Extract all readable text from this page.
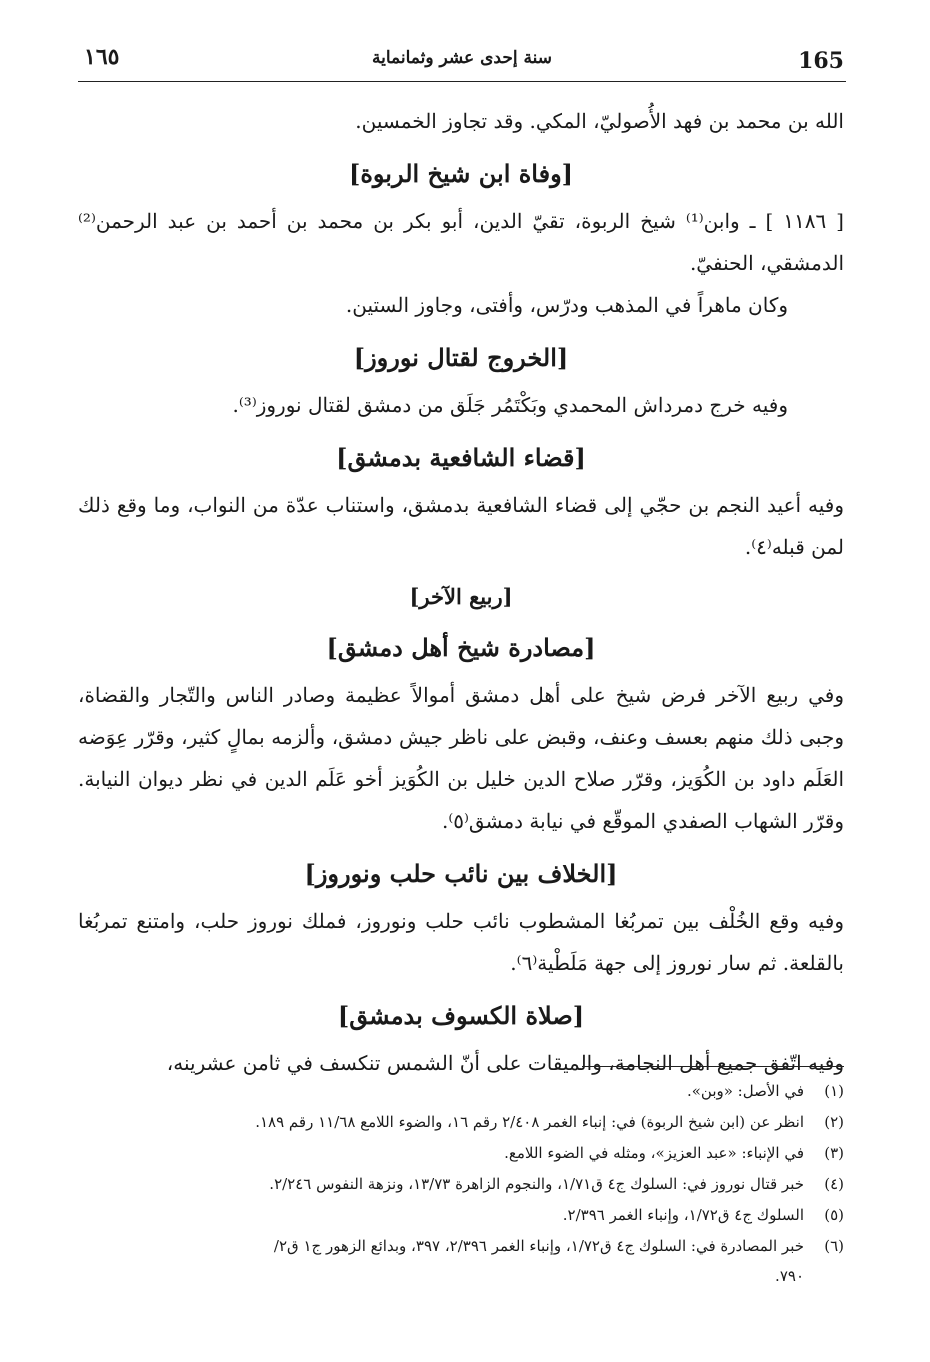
١٦٥	سنة إحدى عشر وثمانماية	165

الله بن محمد بن فهد الأُصوليّ، المكي. وقد تجاوز الخمسين.

[وفاة ابن شيخ الربوة]

[ ١١٨٦ ] ـ وابن⁽¹⁾ شيخ الربوة، تقيّ الدين، أبو بكر بن محمد بن أحمد بن عبد الرحمن⁽²⁾ الدمشقي، الحنفيّ.

وكان ماهراً في المذهب ودرّس، وأفتى، وجاوز الستين.

[الخروج لقتال نوروز]

وفيه خرج دمرداش المحمدي وبَكْتَمُر جَلَق من دمشق لقتال نوروز⁽³⁾.

[قضاء الشافعية بدمشق]

وفيه أعيد النجم بن حجّي إلى قضاء الشافعية بدمشق، واستناب عدّة من النواب، وما وقع ذلك لمن قبله⁽٤⁾.

[ربيع الآخر]
[مصادرة شيخ أهل دمشق]

وفي ربيع الآخر فرض شيخ على أهل دمشق أموالاً عظيمة وصادر الناس والتّجار والقضاة، وجبى ذلك منهم بعسف وعنف، وقبض على ناظر جيش دمشق، وألزمه بمالٍ كثير، وقرّر عِوَضه العَلَم داود بن الكُوَيز، وقرّر صلاح الدين خليل بن الكُوَيز أخو عَلَم الدين في نظر ديوان النيابة. وقرّر الشهاب الصفدي الموقّع في نيابة دمشق⁽٥⁾.

[الخلاف بين نائب حلب ونوروز]

وفيه وقع الخُلْف بين تمربُغا المشطوب نائب حلب ونوروز، فملك نوروز حلب، وامتنع تمربُغا بالقلعة. ثم سار نوروز إلى جهة مَلَطْية⁽٦⁾.

[صلاة الكسوف بدمشق]

وفيه اتّفق جميع أهل النجامة، والميقات على أنّ الشمس تنكسف في ثامن عشرينه،

(١)
في الأصل: «وبن».
(٢)
انظر عن (ابن شيخ الربوة) في: إنباء الغمر ٢/٤٠٨ رقم ١٦، والضوء اللامع ١١/٦٨ رقم ١٨٩.
(٣)
في الإنباء: «عبد العزيز»، ومثله في الضوء اللامع.
(٤)
خبر قتال نوروز في: السلوك ج٤ ق١/٧١، والنجوم الزاهرة ١٣/٧٣، ونزهة النفوس ٢/٢٤٦.
(٥)
السلوك ج٤ ق١/٧٢، وإنباء الغمر ٢/٣٩٦.
(٦)
خبر المصادرة في: السلوك ج٤ ق١/٧٢، وإنباء الغمر ٢/٣٩٦، ٣٩٧، وبدائع الزهور ج١ ق٢/
٧٩٠.
